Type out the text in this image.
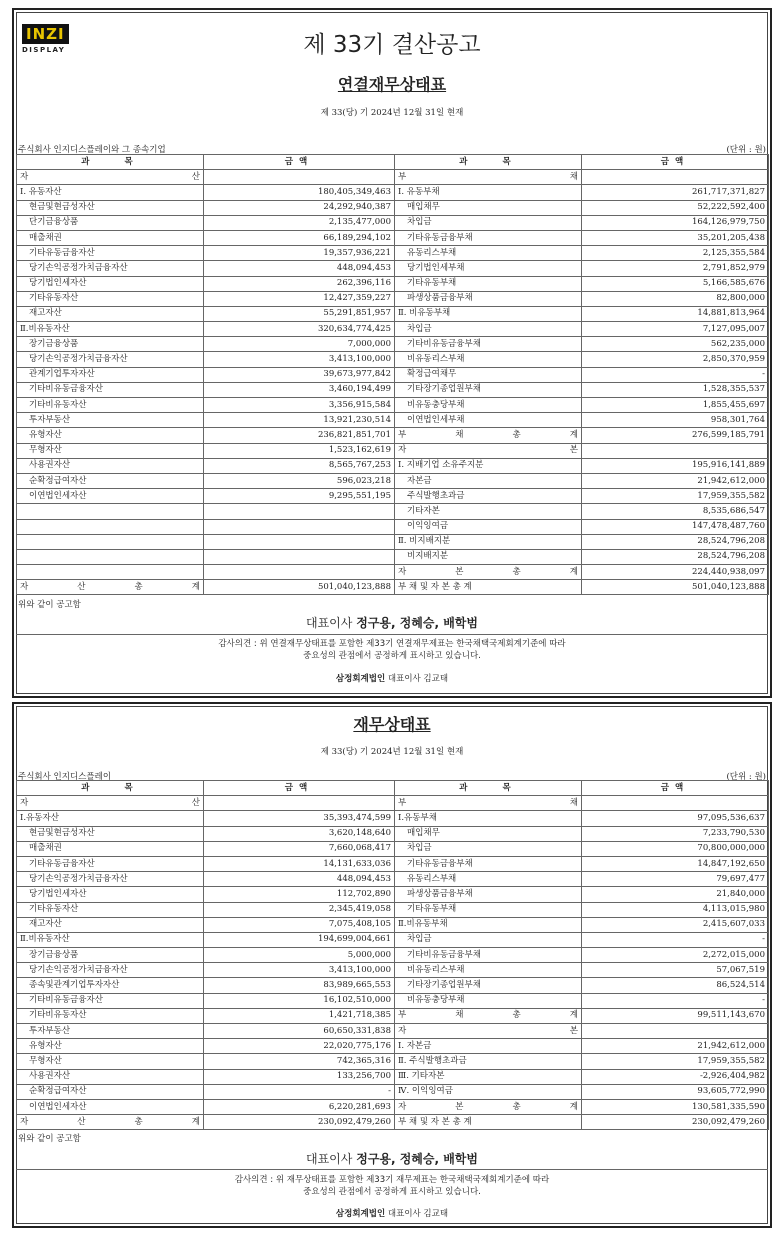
INZI
DISPLAY	제 33기 결산공고
연결재무상태표
제 33(당) 기 2024년 12월 31일 현재
주식회사 인지디스플레이와 그 종속기업	(단위 : 원)
과　　목	금액	과　　목	금액
자　　　　　　　산		부　　　　　　　채	
Ⅰ. 유동자산	180,405,349,463	Ⅰ. 유동부채	261,717,371,827
현금및현금성자산	24,292,940,387	매입채무	52,222,592,400
단기금융상품	2,135,477,000	차입금	164,126,979,750
매출채권	66,189,294,102	기타유동금융부채	35,201,205,438
기타유동금융자산	19,357,936,221	유동리스부채	2,125,355,584
당기손익공정가치금융자산	448,094,453	당기법인세부채	2,791,852,979
당기법인세자산	262,396,116	기타유동부채	5,166,585,676
기타유동자산	12,427,359,227	파생상품금융부채	82,800,000
재고자산	55,291,851,957	Ⅱ. 비유동부채	14,881,813,964
Ⅱ.비유동자산	320,634,774,425	차입금	7,127,095,007
장기금융상품	7,000,000	기타비유동금융부채	562,235,000
당기손익공정가치금융자산	3,413,100,000	비유동리스부채	2,850,370,959
관계기업투자자산	39,673,977,842	확정급여채무	-
기타비유동금융자산	3,460,194,499	기타장기종업원부채	1,528,355,537
기타비유동자산	3,356,915,584	비유동충당부채	1,855,455,697
투자부동산	13,921,230,514	이연법인세부채	958,301,764
유형자산	236,821,851,701	부　　채　　총　　계	276,599,185,791
무형자산	1,523,162,619	자　　　　　　　본	
사용권자산	8,565,767,253	Ⅰ. 지배기업 소유주지분	195,916,141,889
순확정급여자산	596,023,218	자본금	21,942,612,000
이연법인세자산	9,295,551,195	주식발행초과금	17,959,355,582
		기타자본	8,535,686,547
		이익잉여금	147,478,487,760
		Ⅱ. 비지배지분	28,524,796,208
		비지배지분	28,524,796,208
		자　　본　　총　　계	224,440,938,097
자　　산　　총　　계	501,040,123,888	부 채 및 자 본 총 계	501,040,123,888
위와 같이 공고함
대표이사 정구용, 정혜승, 배학범
감사의견 : 위 연결재무상태표를 포함한 제33기 연결재무제표는 한국채택국제회계기준에 따라
중요성의 관점에서 공정하게 표시하고 있습니다.
삼정회계법인 대표이사 김교태
재무상태표
제 33(당) 기 2024년 12월 31일 현재
주식회사 인지디스플레이	(단위 : 원)
과　　목	금액	과　　목	금액
자　　　　　　　산		부　　　　　　　채	
Ⅰ.유동자산	35,393,474,599	Ⅰ.유동부채	97,095,536,637
현금및현금성자산	3,620,148,640	매입채무	7,233,790,530
매출채권	7,660,068,417	차입금	70,800,000,000
기타유동금융자산	14,131,633,036	기타유동금융부채	14,847,192,650
당기손익공정가치금융자산	448,094,453	유동리스부채	79,697,477
당기법인세자산	112,702,890	파생상품금융부채	21,840,000
기타유동자산	2,345,419,058	기타유동부채	4,113,015,980
재고자산	7,075,408,105	Ⅱ.비유동부채	2,415,607,033
Ⅱ.비유동자산	194,699,004,661	차입금	-
장기금융상품	5,000,000	기타비유동금융부채	2,272,015,000
당기손익공정가치금융자산	3,413,100,000	비유동리스부채	57,067,519
종속및관계기업투자자산	83,989,665,553	기타장기종업원부채	86,524,514
기타비유동금융자산	16,102,510,000	비유동충당부채	-
기타비유동자산	1,421,718,385	부　　채　　총　　계	99,511,143,670
투자부동산	60,650,331,838	자　　　　　　　본	
유형자산	22,020,775,176	Ⅰ. 자본금	21,942,612,000
무형자산	742,365,316	Ⅱ. 주식발행초과금	17,959,355,582
사용권자산	133,256,700	Ⅲ. 기타자본	-2,926,404,982
순확정급여자산	-	Ⅳ. 이익잉여금	93,605,772,990
이연법인세자산	6,220,281,693	자　　본　　총　　계	130,581,335,590
자　　산　　총　　계	230,092,479,260	부 채 및 자 본 총 계	230,092,479,260
위와 같이 공고함
대표이사 정구용, 정혜승, 배학범
감사의견 : 위 재무상태표를 포함한 제33기 재무제표는 한국채택국제회계기준에 따라
중요성의 관점에서 공정하게 표시하고 있습니다.
삼정회계법인 대표이사 김교태
